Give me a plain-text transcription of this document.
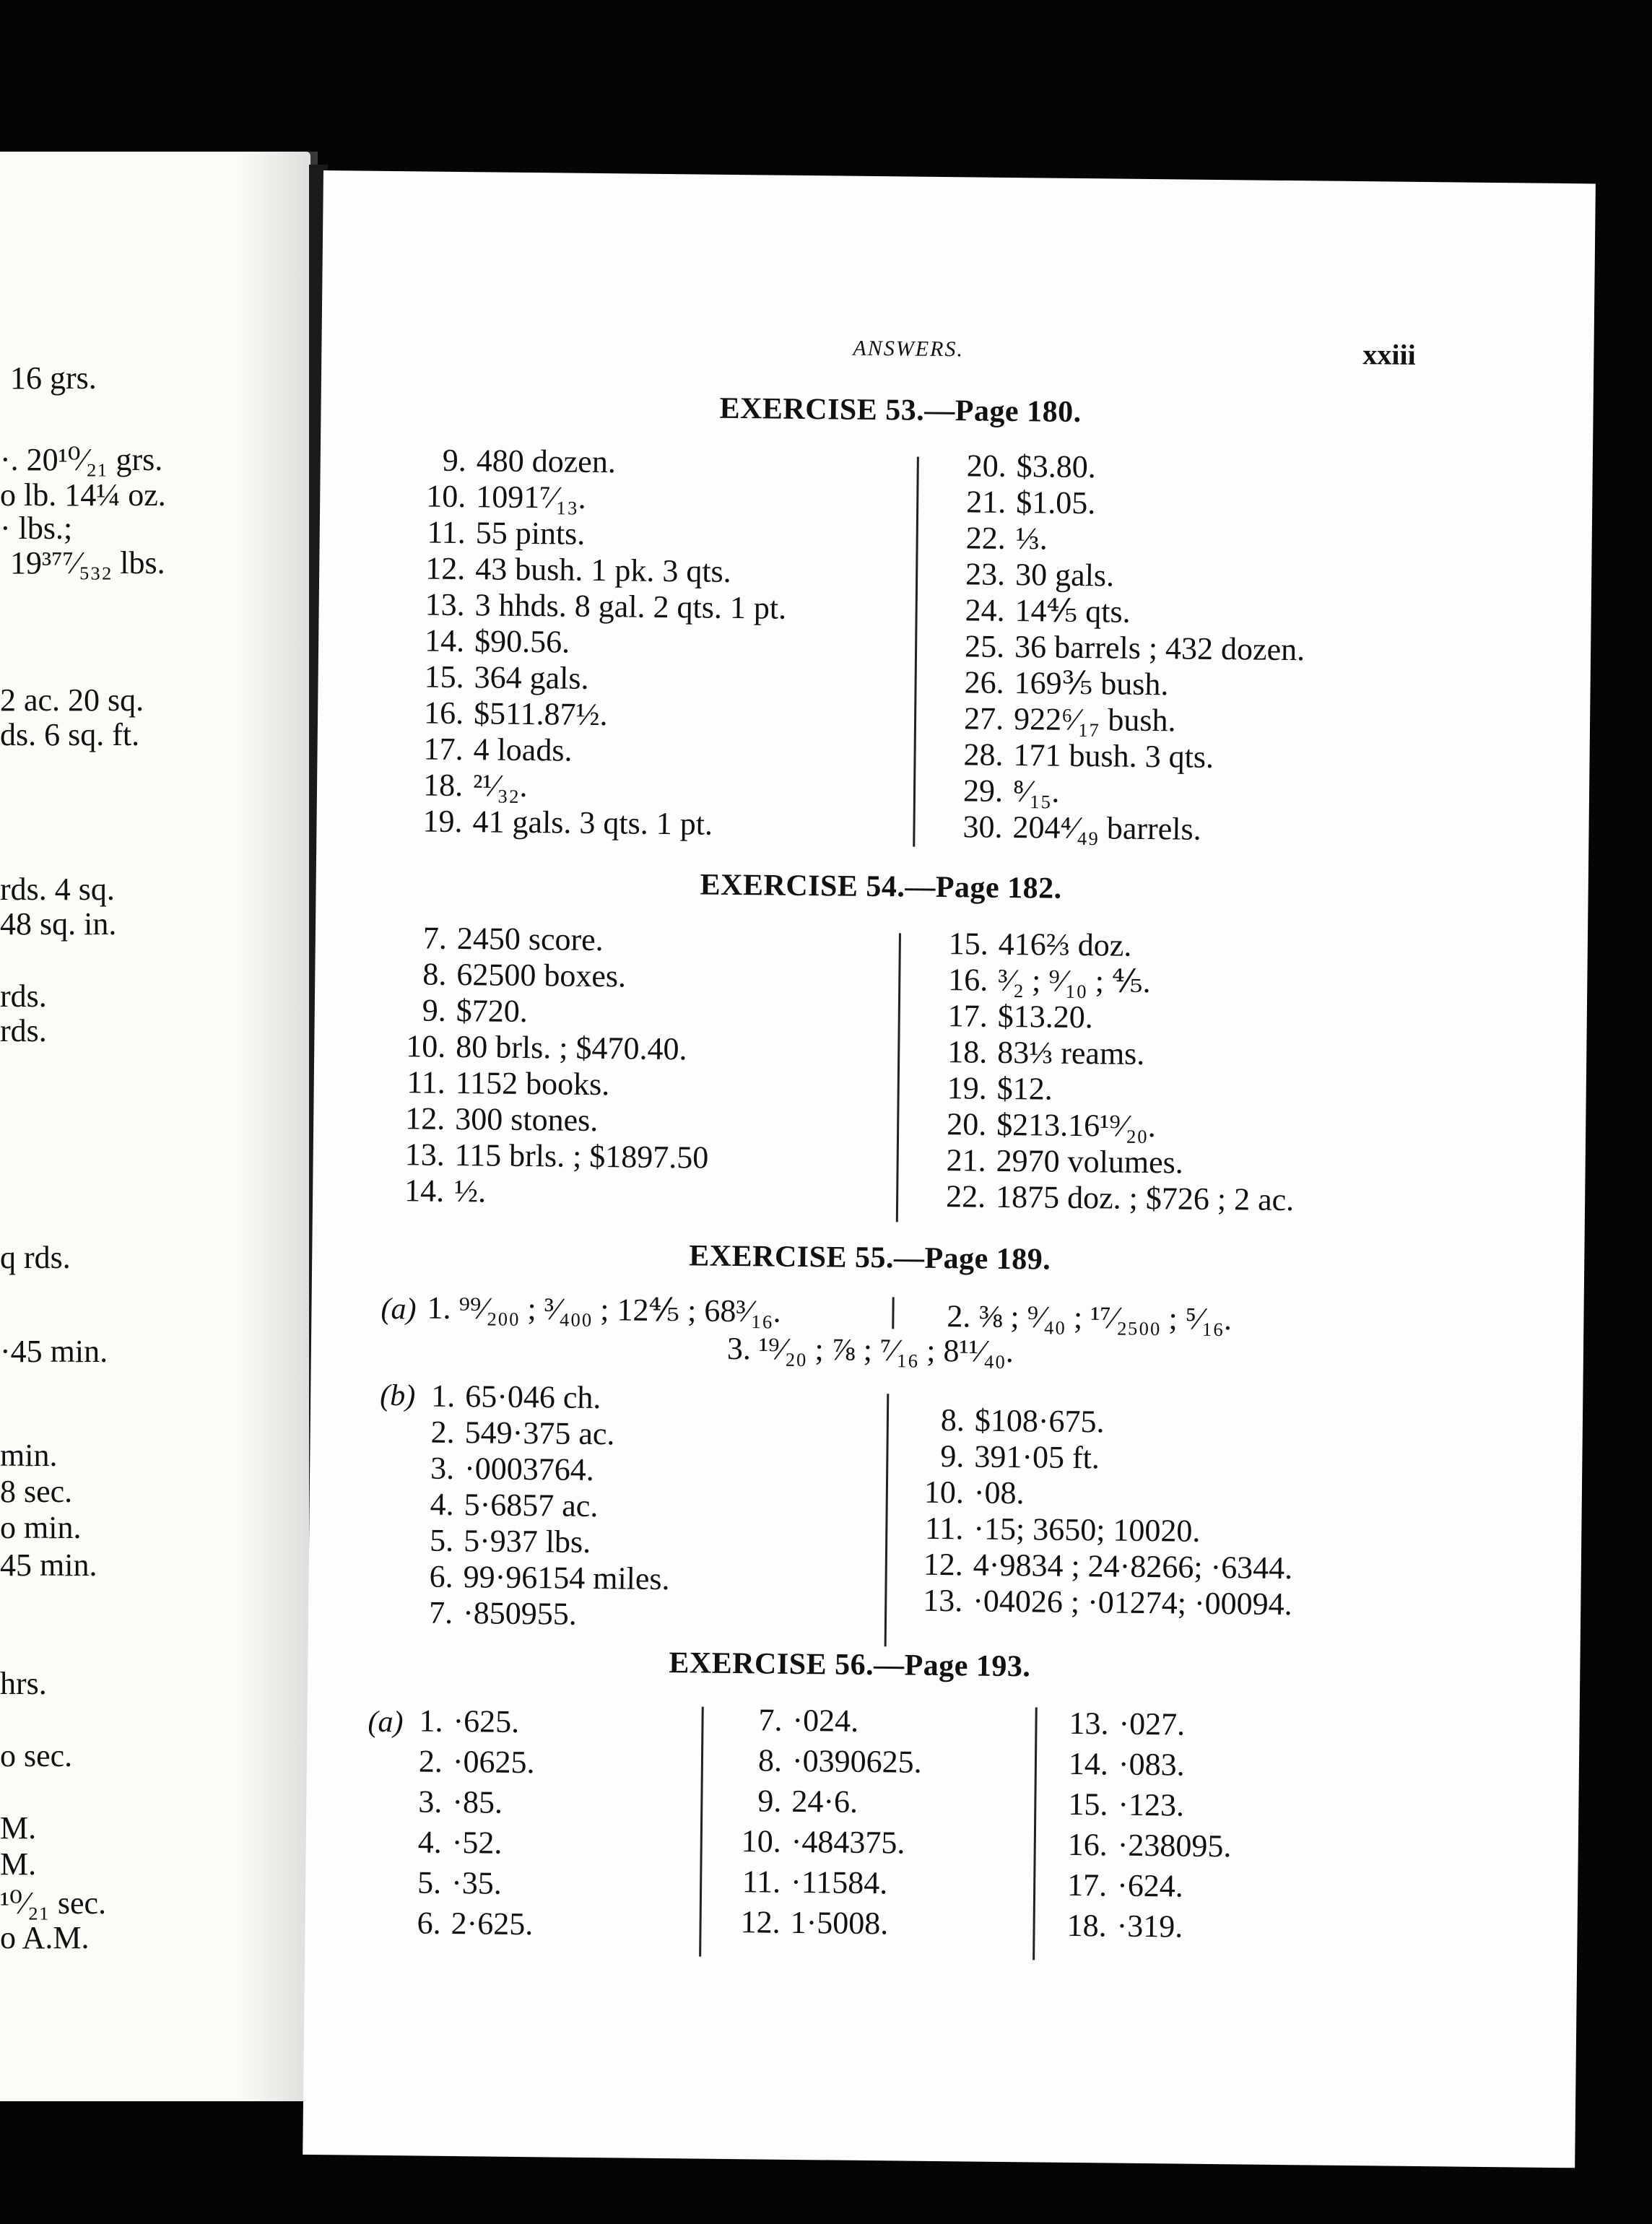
16 grs.
·. 20¹⁰⁄₂₁ grs.
o lb. 14¼ oz.
· lbs.;
19³⁷⁷⁄₅₃₂ lbs.
2 ac. 20 sq.
ds. 6 sq. ft.
rds. 4 sq.
48 sq. in.
rds.
rds.
q rds.
·45 min.
min.
8 sec.
o min.
45 min.
hrs.
o sec.
M.
M.
¹⁰⁄₂₁ sec.
o A.M.
ANSWERS.	xxiii
EXERCISE 53.—Page 180.
9. 480 dozen.
10. 1091⁷⁄₁₃.
11. 55 pints.
12. 43 bush. 1 pk. 3 qts.
13. 3 hhds. 8 gal. 2 qts. 1 pt.
14. $90.56.
15. 364 gals.
16. $511.87½.
17. 4 loads.
18. ²¹⁄₃₂.
19. 41 gals. 3 qts. 1 pt.
20. $3.80.
21. $1.05.
22. ⅓.
23. 30 gals.
24. 14⅘ qts.
25. 36 barrels ; 432 dozen.
26. 169⅗ bush.
27. 922⁶⁄₁₇ bush.
28. 171 bush. 3 qts.
29. ⁸⁄₁₅.
30. 204⁴⁄₄₉ barrels.
EXERCISE 54.—Page 182.
7. 2450 score.
8. 62500 boxes.
9. $720.
10. 80 brls. ; $470.40.
11. 1152 books.
12. 300 stones.
13. 115 brls. ; $1897.50
14. ½.
15. 416⅔ doz.
16. ³⁄₂ ; ⁹⁄₁₀ ; ⅘.
17. $13.20.
18. 83⅓ reams.
19. $12.
20. $213.16¹⁹⁄₂₀.
21. 2970 volumes.
22. 1875 doz. ; $726 ; 2 ac.
EXERCISE 55.—Page 189.
(a) 1. ⁹⁹⁄₂₀₀ ; ³⁄₄₀₀ ; 12⅘ ; 68³⁄₁₆.	2. ⅜ ; ⁹⁄₄₀ ; ¹⁷⁄₂₅₀₀ ; ⁵⁄₁₆.
3. ¹⁹⁄₂₀ ; ⅞ ; ⁷⁄₁₆ ; 8¹¹⁄₄₀.
(b) 1. 65·046 ch.
2. 549·375 ac.
3. ·0003764.
4. 5·6857 ac.
5. 5·937 lbs.
6. 99·96154 miles.
7. ·850955.
8. $108·675.
9. 391·05 ft.
10. ·08.
11. ·15; 3650; 10020.
12. 4·9834 ; 24·8266; ·6344.
13. ·04026 ; ·01274; ·00094.
EXERCISE 56.—Page 193.
(a) 1. ·625.
2. ·0625.
3. ·85.
4. ·52.
5. ·35.
6. 2·625.
7. ·024.
8. ·0390625.
9. 24·6.
10. ·484375.
11. ·11584.
12. 1·5008.
13. ·027.
14. ·083.
15. ·123.
16. ·238095.
17. ·624.
18. ·319.
